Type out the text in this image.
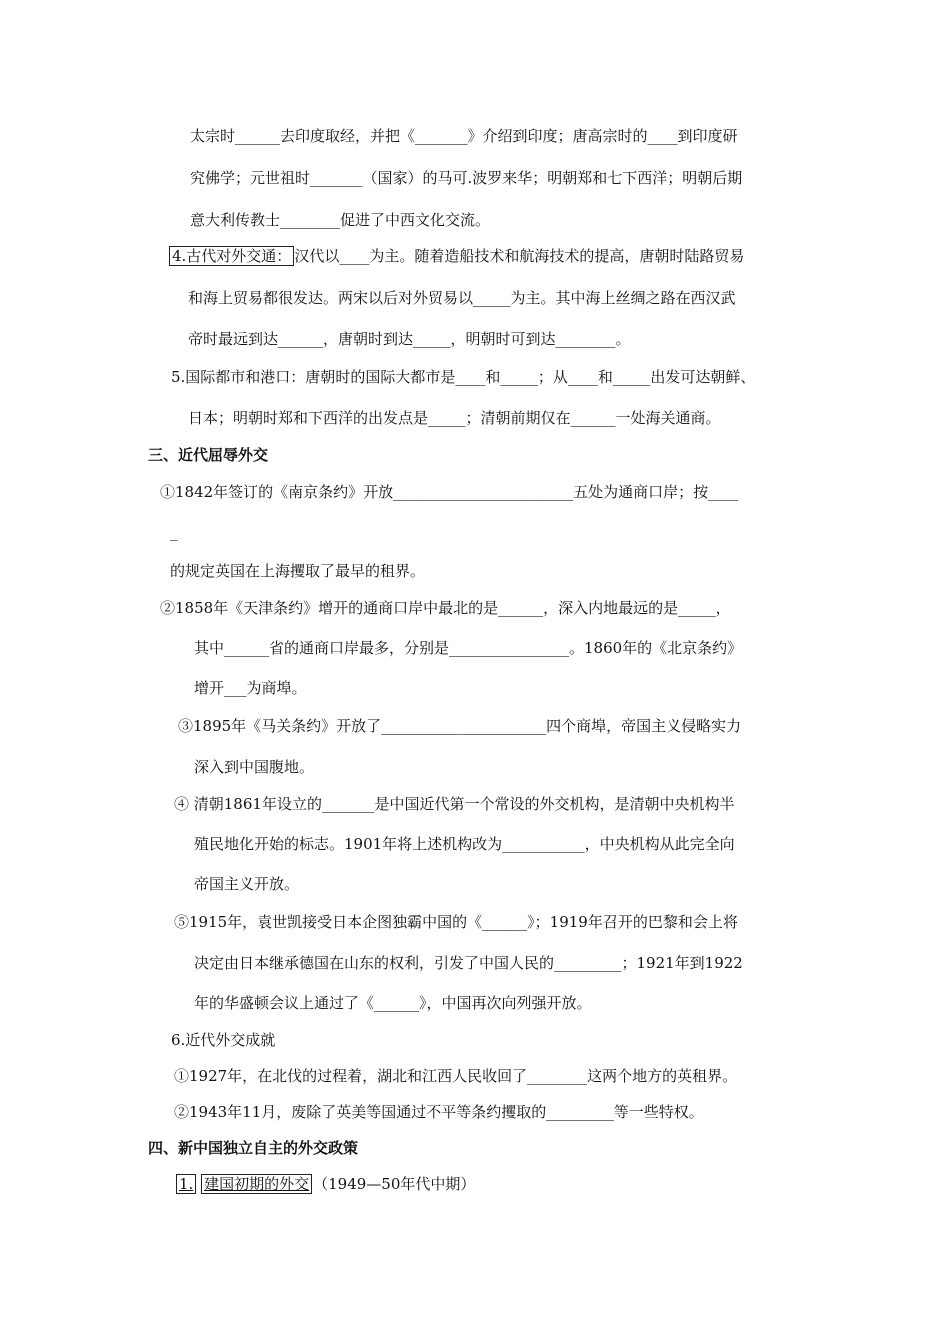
太宗时______去印度取经，并把《_______》介绍到印度；唐高宗时的____到印度研
究佛学；元世祖时_______（国家）的马可.波罗来华；明朝郑和七下西洋；明朝后期
意大利传教士________促进了中西文化交流。
4.古代对外交通： 汉代以____为主。随着造船技术和航海技术的提高，唐朝时陆路贸易
和海上贸易都很发达。两宋以后对外贸易以_____为主。其中海上丝绸之路在西汉武
帝时最远到达______，唐朝时到达_____，明朝时可到达________。
5.国际都市和港口：唐朝时的国际大都市是____和_____；从____和_____出发可达朝鲜、
日本；明朝时郑和下西洋的出发点是_____；清朝前期仅在______一处海关通商。
三、近代屈辱外交
①1842年签订的《南京条约》开放________________________五处为通商口岸；按____
_
的规定英国在上海攫取了最早的租界。
②1858年《天津条约》增开的通商口岸中最北的是______，深入内地最远的是_____，
其中______省的通商口岸最多，分别是________________。1860年的《北京条约》
增开___为商埠。
③1895年《马关条约》开放了______________________四个商埠，帝国主义侵略实力
深入到中国腹地。
④ 清朝1861年设立的_______是中国近代第一个常设的外交机构，是清朝中央机构半
殖民地化开始的标志。1901年将上述机构改为___________，中央机构从此完全向
帝国主义开放。
⑤1915年，袁世凯接受日本企图独霸中国的《______》；1919年召开的巴黎和会上将
决定由日本继承德国在山东的权利，引发了中国人民的_________；1921年到1922
年的华盛顿会议上通过了《______》，中国再次向列强开放。
6.近代外交成就
①1927年，在北伐的过程着，湖北和江西人民收回了________这两个地方的英租界。
②1943年11月，废除了英美等国通过不平等条约攫取的_________等一些特权。
四、新中国独立自主的外交政策
1. 建国初期的外交 （1949—50年代中期）
